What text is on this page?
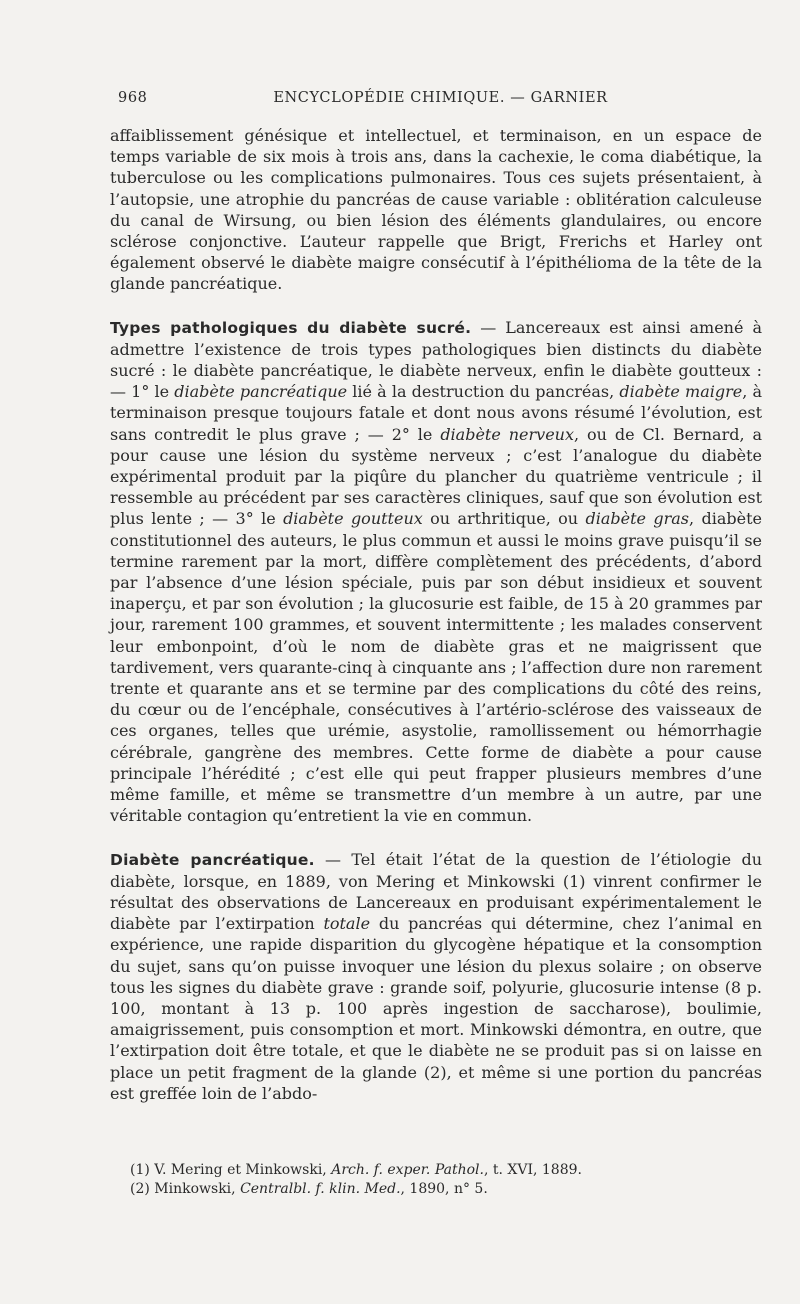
968	ENCYCLOPÉDIE CHIMIQUE. — GARNIER

affaiblissement génésique et intellectuel, et terminaison, en un espace de temps variable de six mois à trois ans, dans la cachexie, le coma diabétique, la tuberculose ou les complications pulmonaires. Tous ces sujets présentaient, à l’autopsie, une atrophie du pancréas de cause variable : oblitération calculeuse du canal de Wirsung, ou bien lésion des éléments glandulaires, ou encore sclérose conjonctive. L’auteur rappelle que Brigt, Frerichs et Harley ont également observé le diabète maigre consécutif à l’épithélioma de la tête de la glande pancréatique.

Types pathologiques du diabète sucré. — Lancereaux est ainsi amené à admettre l’existence de trois types pathologiques bien distincts du diabète sucré : le diabète pancréatique, le diabète nerveux, enfin le diabète goutteux : — 1° le diabète pancréatique lié à la destruction du pancréas, diabète maigre, à terminaison presque toujours fatale et dont nous avons résumé l’évolution, est sans contredit le plus grave ; — 2° le diabète nerveux, ou de Cl. Bernard, a pour cause une lésion du système nerveux ; c’est l’analogue du diabète expérimental produit par la piqûre du plancher du quatrième ventricule ; il ressemble au précédent par ses caractères cliniques, sauf que son évolution est plus lente ; — 3° le diabète goutteux ou arthritique, ou diabète gras, diabète constitutionnel des auteurs, le plus commun et aussi le moins grave puisqu’il se termine rarement par la mort, diffère complètement des précédents, d’abord par l’absence d’une lésion spéciale, puis par son début insidieux et souvent inaperçu, et par son évolution ; la glucosurie est faible, de 15 à 20 grammes par jour, rarement 100 grammes, et souvent intermittente ; les malades conservent leur embonpoint, d’où le nom de diabète gras et ne maigrissent que tardivement, vers quarante-cinq à cinquante ans ; l’affection dure non rarement trente et quarante ans et se termine par des complications du côté des reins, du cœur ou de l’encéphale, consécutives à l’artério-sclérose des vaisseaux de ces organes, telles que urémie, asystolie, ramollissement ou hémorrhagie cérébrale, gangrène des membres. Cette forme de diabète a pour cause principale l’hérédité ; c’est elle qui peut frapper plusieurs membres d’une même famille, et même se transmettre d’un membre à un autre, par une véritable contagion qu’entretient la vie en commun.

Diabète pancréatique. — Tel était l’état de la question de l’étiologie du diabète, lorsque, en 1889, von Mering et Minkowski (1) vinrent confirmer le résultat des observations de Lancereaux en produisant expérimentalement le diabète par l’extirpation totale du pancréas qui détermine, chez l’animal en expérience, une rapide disparition du glycogène hépatique et la consomption du sujet, sans qu’on puisse invoquer une lésion du plexus solaire ; on observe tous les signes du diabète grave : grande soif, polyurie, glucosurie intense (8 p. 100, montant à 13 p. 100 après ingestion de saccharose), boulimie, amaigrissement, puis consomption et mort. Minkowski démontra, en outre, que l’extirpation doit être totale, et que le diabète ne se produit pas si on laisse en place un petit fragment de la glande (2), et même si une portion du pancréas est greffée loin de l’abdo-

(1) V. Mering et Minkowski, Arch. f. exper. Pathol., t. XVI, 1889.
(2) Minkowski, Centralbl. f. klin. Med., 1890, n° 5.
